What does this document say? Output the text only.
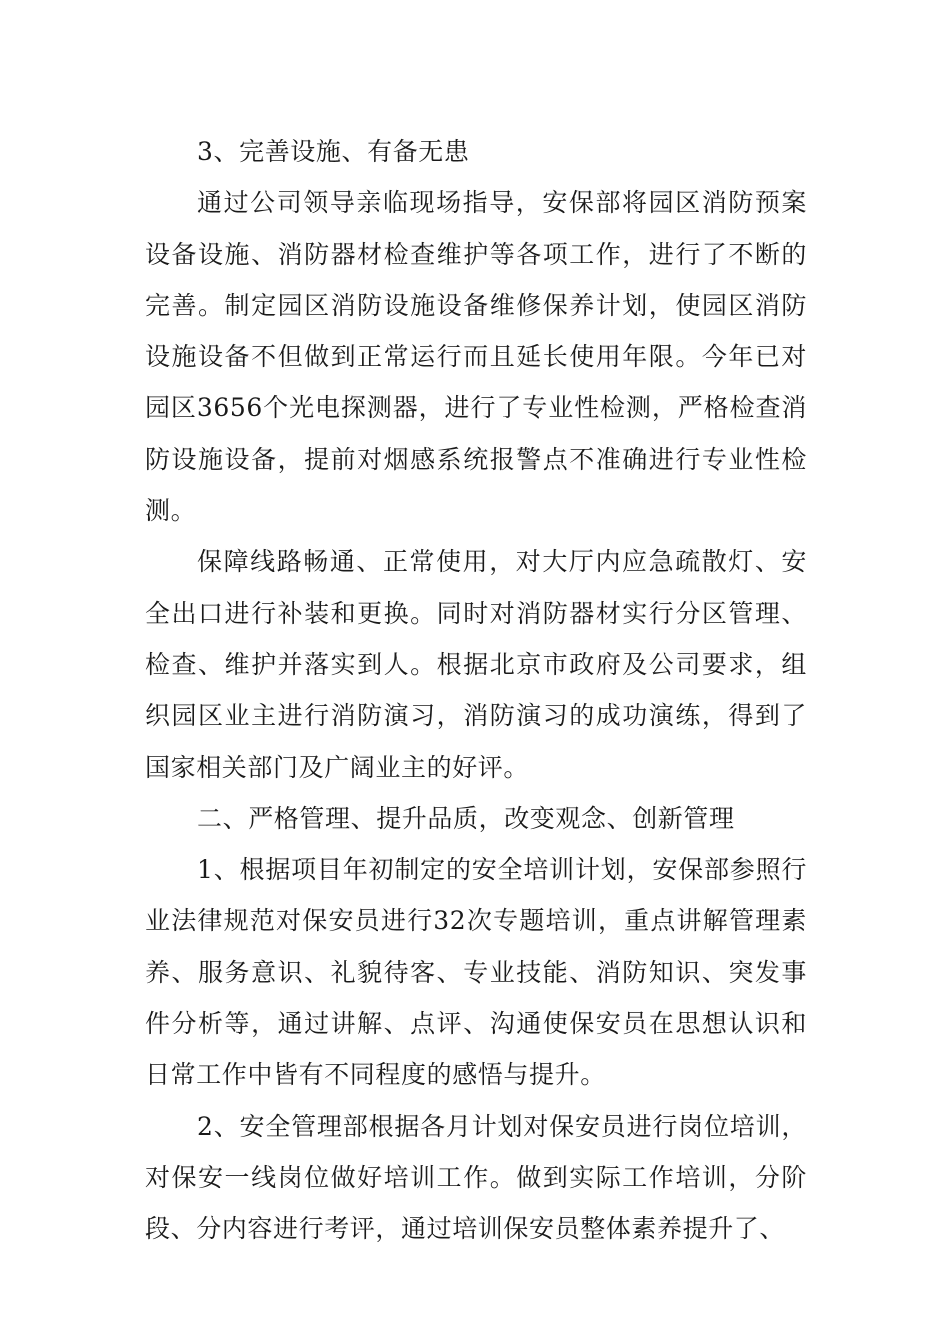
3、完善设施、有备无患

通过公司领导亲临现场指导，安保部将园区消防预案设备设施、消防器材检查维护等各项工作，进行了不断的完善。制定园区消防设施设备维修保养计划，使园区消防设施设备不但做到正常运行而且延长使用年限。今年已对园区3656个光电探测器，进行了专业性检测，严格检查消防设施设备，提前对烟感系统报警点不准确进行专业性检测。

保障线路畅通、正常使用，对大厅内应急疏散灯、安全出口进行补装和更换。同时对消防器材实行分区管理、检查、维护并落实到人。根据北京市政府及公司要求，组织园区业主进行消防演习，消防演习的成功演练，得到了国家相关部门及广阔业主的好评。

二、严格管理、提升品质，改变观念、创新管理

1、根据项目年初制定的安全培训计划，安保部参照行业法律规范对保安员进行32次专题培训，重点讲解管理素养、服务意识、礼貌待客、专业技能、消防知识、突发事件分析等，通过讲解、点评、沟通使保安员在思想认识和日常工作中皆有不同程度的感悟与提升。

2、安全管理部根据各月计划对保安员进行岗位培训，对保安一线岗位做好培训工作。做到实际工作培训，分阶段、分内容进行考评，通过培训保安员整体素养提升了、
